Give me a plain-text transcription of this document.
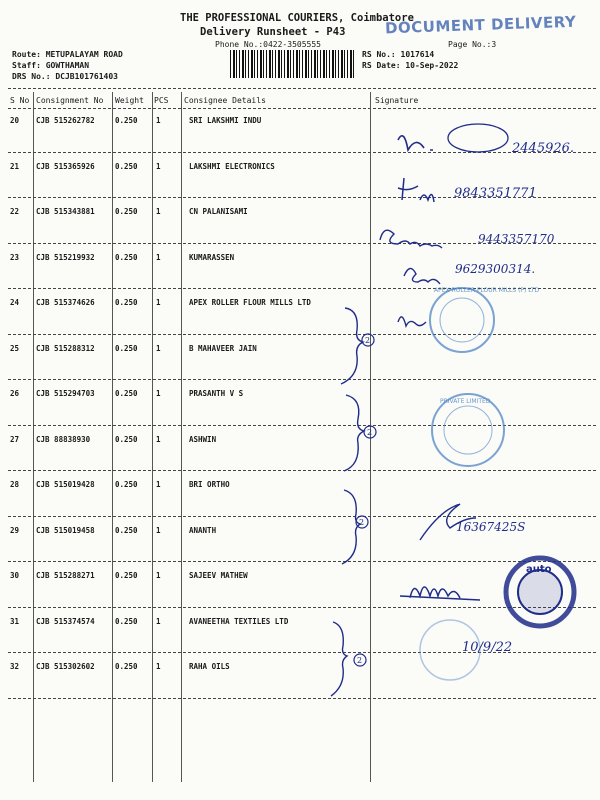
THE PROFESSIONAL COURIERS, Coimbatore
Delivery Runsheet - P43
Phone No.:0422-3505555	Page No.:3
DOCUMENT DELIVERY
Route: METUPALAYAM ROAD
Staff: GOWTHAMAN
DRS No.: DCJB101761403
RS No.: 1017614
RS Date: 10-Sep-2022
S No Consignment No Weight PCS Consignee Details	Signature
20 CJB 515262782	0.250 1	SRI LAKSHMI INDU
21 CJB 515365926	0.250 1	LAKSHMI ELECTRONICS
22 CJB 515343881	0.250 1	CN PALANISAMI
23 CJB 515219932	0.250 1	KUMARASSEN
24 CJB 515374626	0.250 1	APEX ROLLER FLOUR MILLS LTD
25 CJB 515288312	0.250 1	B MAHAVEER JAIN
26 CJB 515294703	0.250 1	PRASANTH V S
27 CJB 88838930	0.250 1	ASHWIN
28 CJB 515019428	0.250 1	BRI ORTHO
29 CJB 515019458	0.250 1	ANANTH
30 CJB 515288271	0.250 1	SAJEEV MATHEW
31 CJB 515374574	0.250 1	AVANEETHA TEXTILES LTD
32 CJB 515302602	0.250 1	RAHA OILS
2
2
2
2
APEX ROLLER FLOUR MILLS (P) LTD
PRIVATE LIMITED
auto
2445926.
9843351771
9443357170
9629300314.
16367425S
10/9/22
